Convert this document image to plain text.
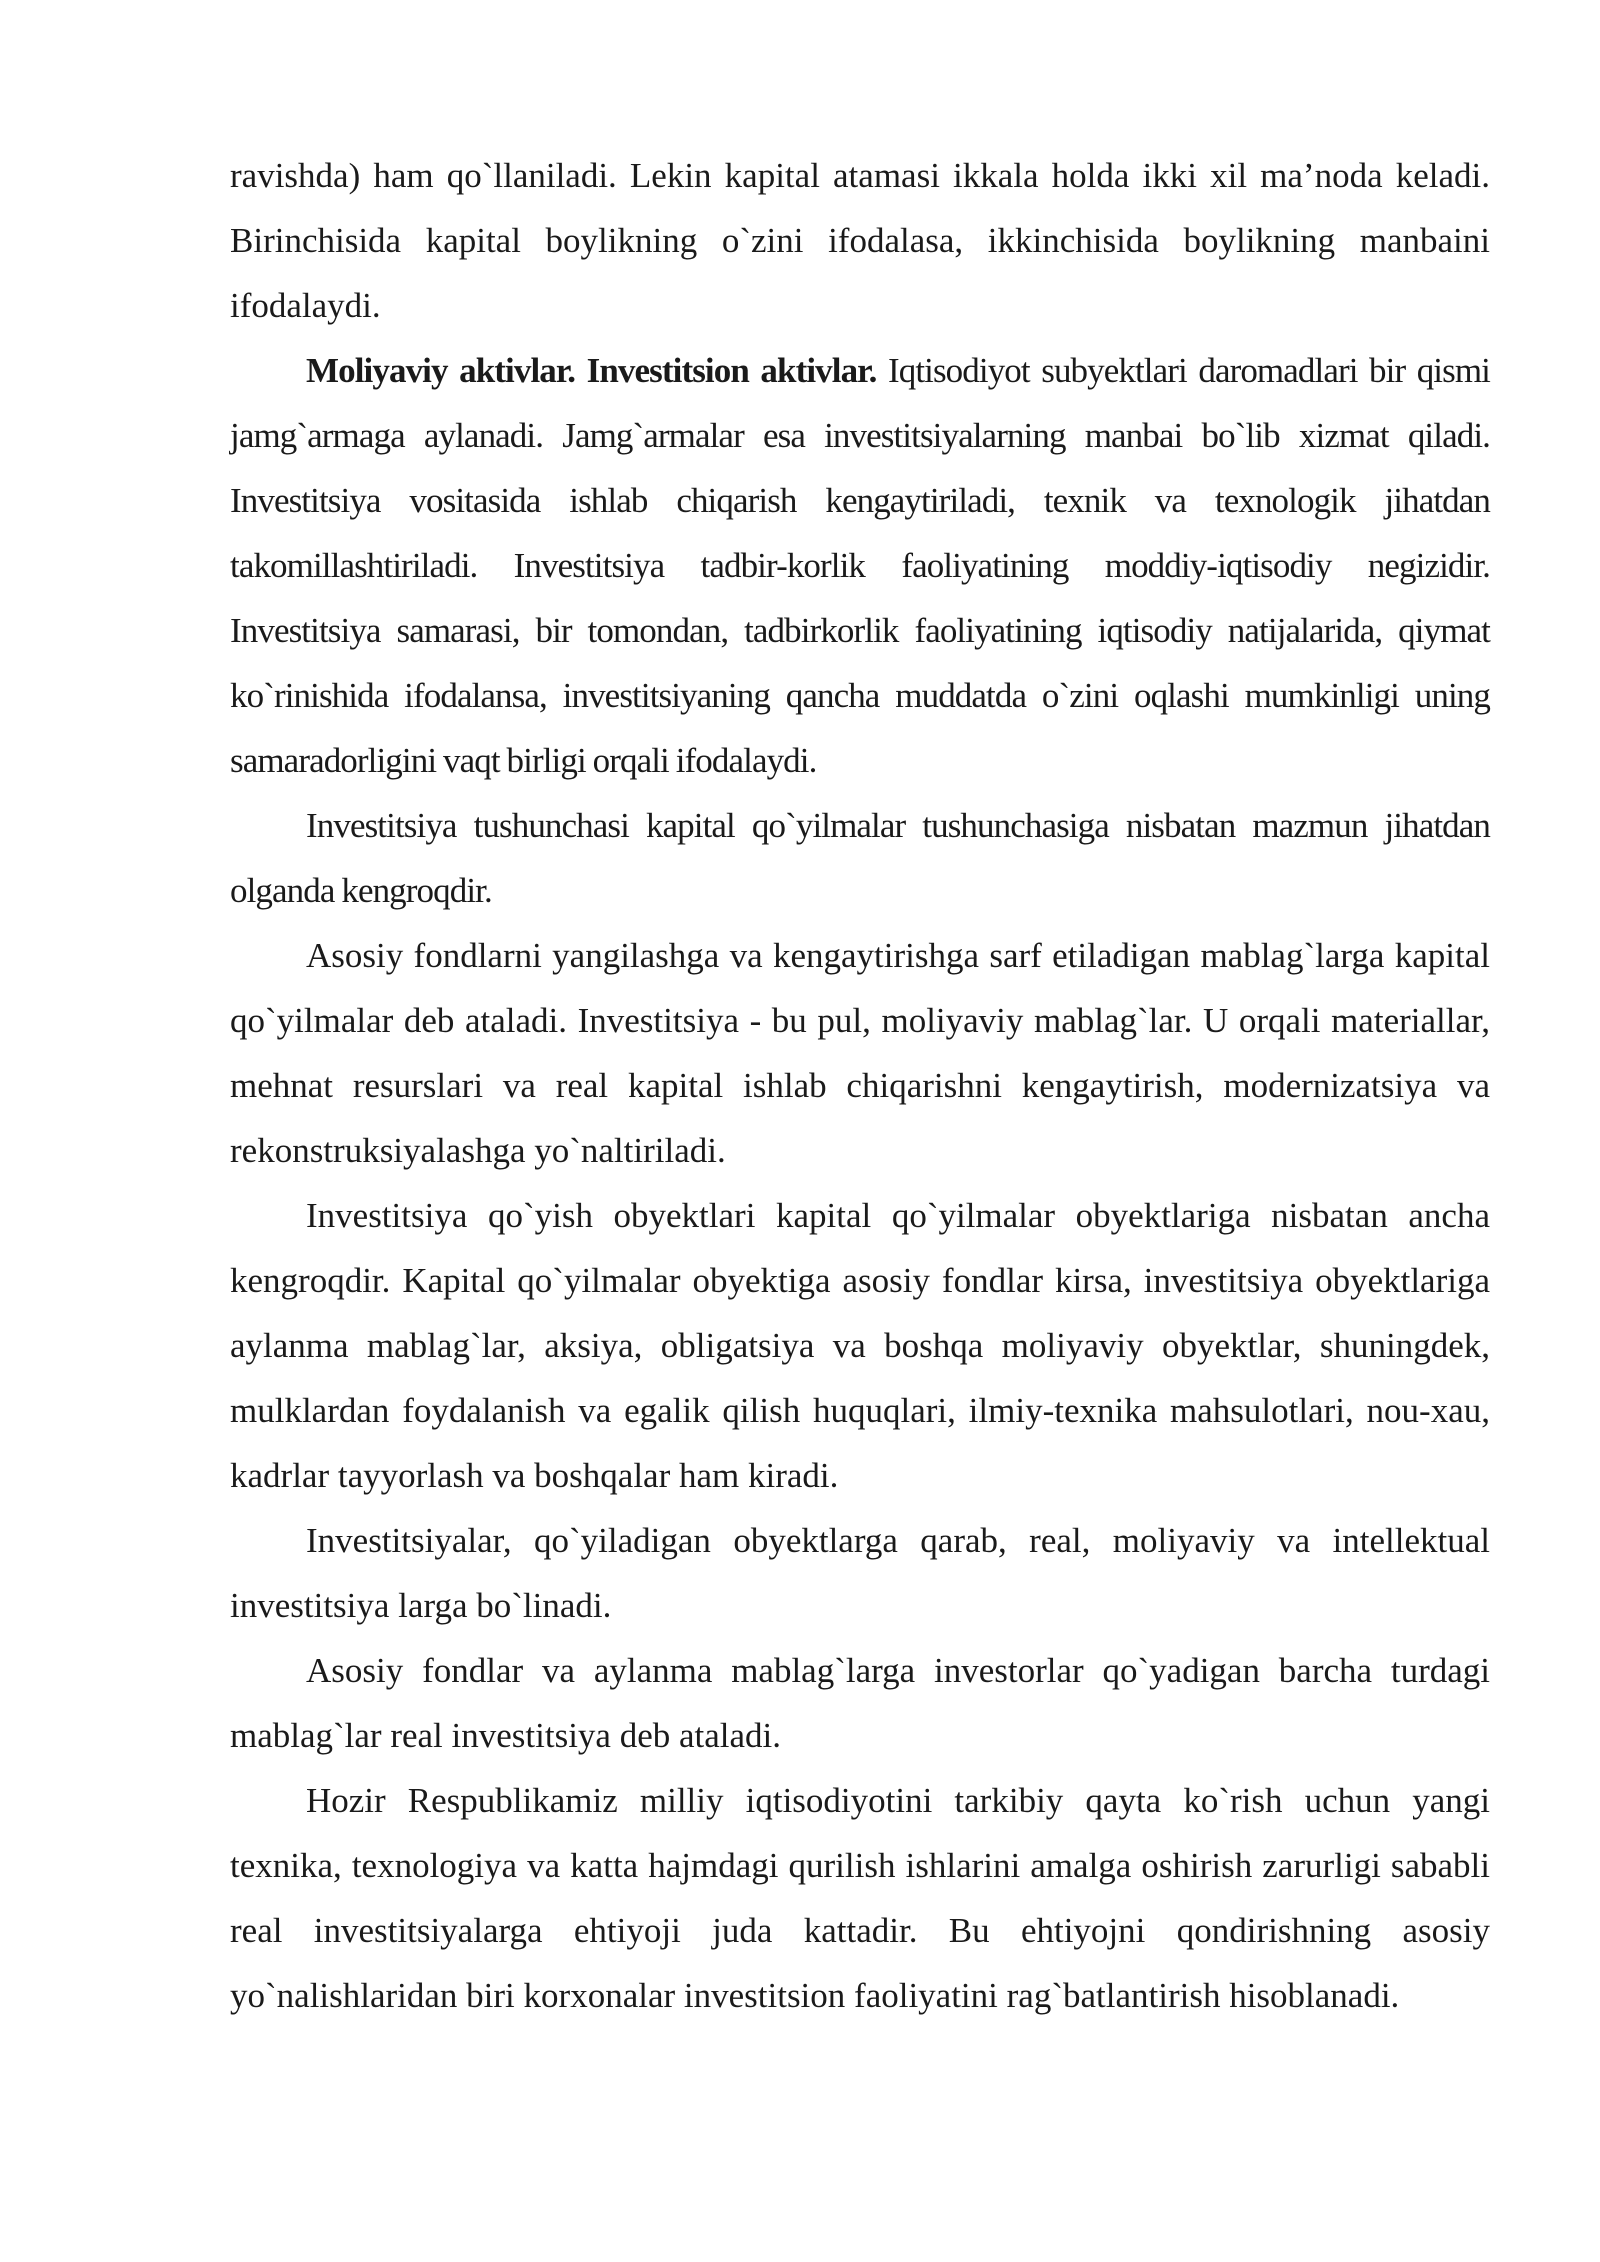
ravishda) ham qo`llaniladi. Lekin kapital atamasi ikkala holda ikki xil ma’noda keladi. Birinchisida kapital boylikning o`zini ifodalasa, ikkinchisida boylikning manbaini ifodalaydi.

Moliyaviy aktivlar. Investitsion aktivlar. Iqtisodiyot subyektlari daromadlari bir qismi jamg`armaga aylanadi. Jamg`armalar esa investitsiyalarning manbai bo`lib xizmat qiladi. Investitsiya vositasida ishlab chiqarish kengaytiriladi, texnik va texnologik jihatdan takomillashtiriladi. Investitsiya tadbir-korlik faoliyatining moddiy-iqtisodiy negizidir. Investitsiya samarasi, bir tomondan, tadbirkorlik faoliyatining iqtisodiy natijalarida, qiymat ko`rinishida ifodalansa, investitsiyaning qancha muddatda o`zini oqlashi mumkinligi uning samaradorligini vaqt birligi orqali ifodalaydi.

Investitsiya tushunchasi kapital qo`yilmalar tushunchasiga nisbatan mazmun jihatdan olganda kengroqdir.

Asosiy fondlarni yangilashga va kengaytirishga sarf etiladigan mablag`larga kapital qo`yilmalar deb ataladi. Investitsiya - bu pul, moliyaviy mablag`lar. U orqali materiallar, mehnat resurslari va real kapital ishlab chiqarishni kengaytirish, modernizatsiya va rekonstruksiyalashga yo`naltiriladi.

Investitsiya qo`yish obyektlari kapital qo`yilmalar obyektlariga nisbatan ancha kengroqdir. Kapital qo`yilmalar obyektiga asosiy fondlar kirsa, investitsiya obyektlariga aylanma mablag`lar, aksiya, obligatsiya va boshqa moliyaviy obyektlar, shuningdek, mulklardan foydalanish va egalik qilish huquqlari, ilmiy-texnika mahsulotlari, nou-xau, kadrlar tayyorlash va boshqalar ham kiradi.

Investitsiyalar, qo`yiladigan obyektlarga qarab, real, moliyaviy va intellektual investitsiya larga bo`linadi.

Asosiy fondlar va aylanma mablag`larga investorlar qo`yadigan barcha turdagi mablag`lar real investitsiya deb ataladi.

Hozir Respublikamiz milliy iqtisodiyotini tarkibiy qayta ko`rish uchun yangi texnika, texnologiya va katta hajmdagi qurilish ishlarini amalga oshirish zarurligi sababli real investitsiyalarga ehtiyoji juda kattadir. Bu ehtiyojni qondirishning asosiy yo`nalishlaridan biri korxonalar investitsion faoliyatini rag`batlantirish hisoblanadi.
